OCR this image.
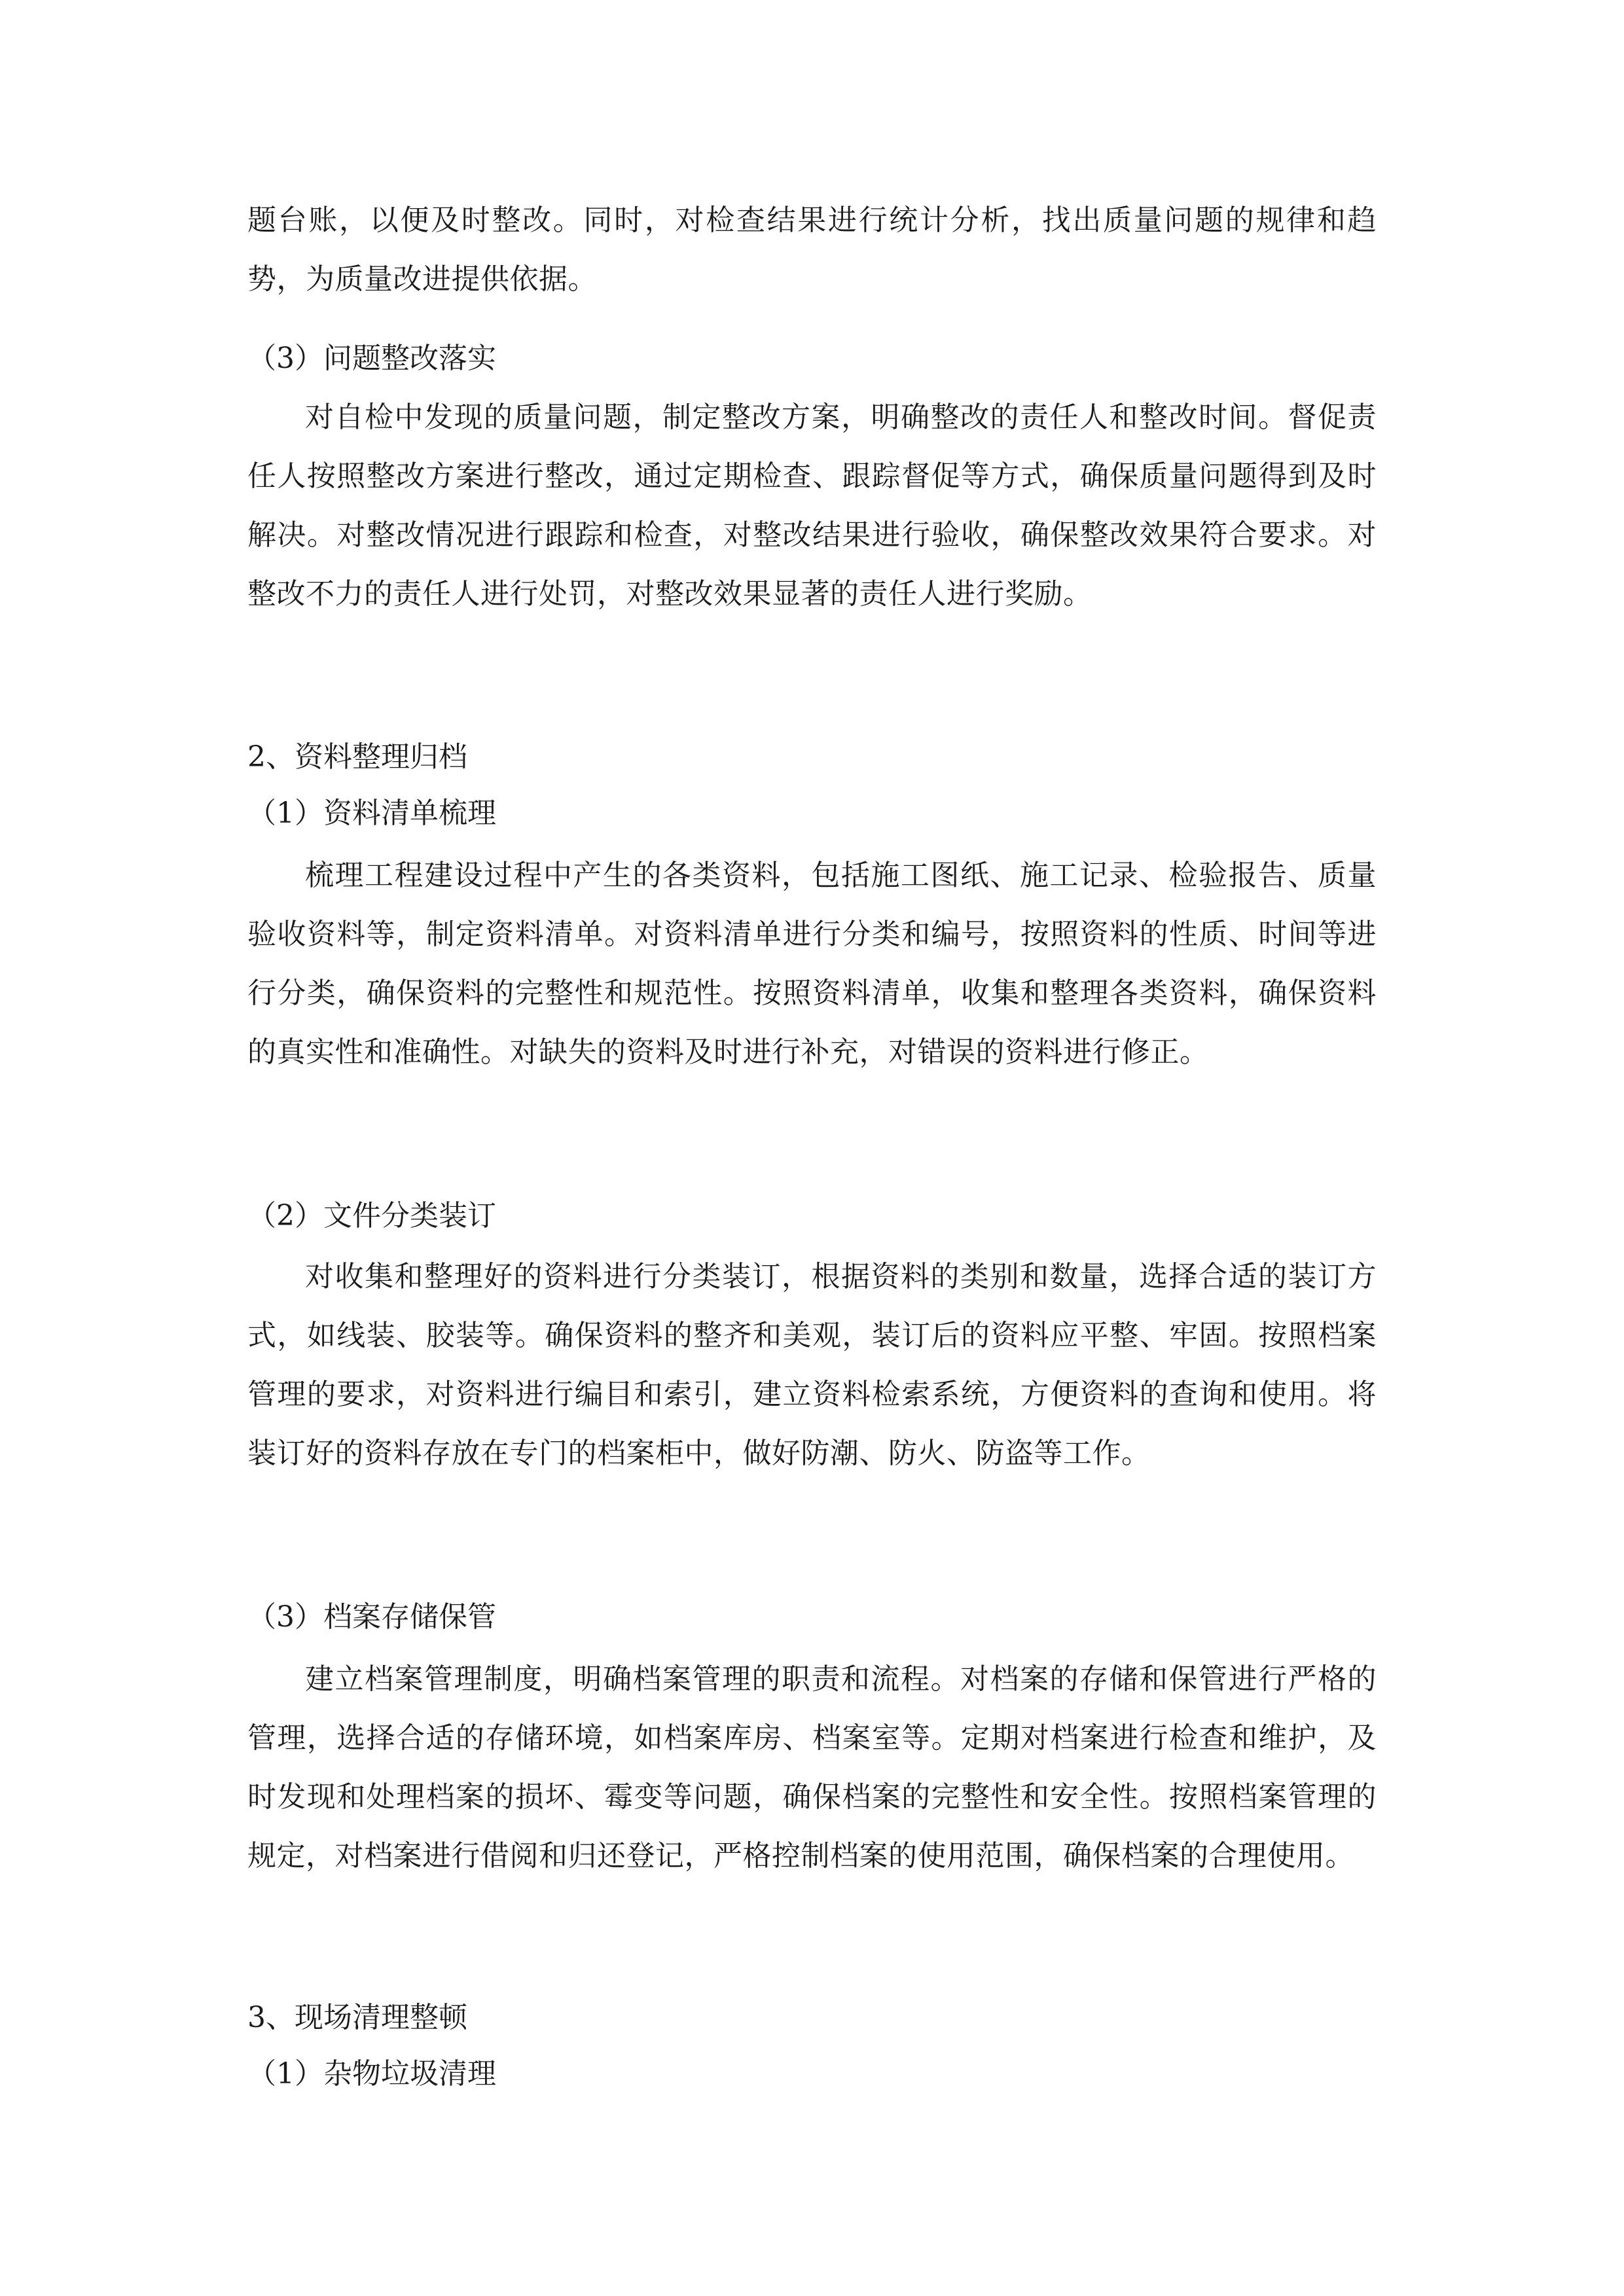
题台账，以便及时整改。同时，对检查结果进行统计分析，找出质量问题的规律和趋势，为质量改进提供依据。

（3）问题整改落实

对自检中发现的质量问题，制定整改方案，明确整改的责任人和整改时间。督促责任人按照整改方案进行整改，通过定期检查、跟踪督促等方式，确保质量问题得到及时解决。对整改情况进行跟踪和检查，对整改结果进行验收，确保整改效果符合要求。对整改不力的责任人进行处罚，对整改效果显著的责任人进行奖励。

2、资料整理归档

（1）资料清单梳理

梳理工程建设过程中产生的各类资料，包括施工图纸、施工记录、检验报告、质量验收资料等，制定资料清单。对资料清单进行分类和编号，按照资料的性质、时间等进行分类，确保资料的完整性和规范性。按照资料清单，收集和整理各类资料，确保资料的真实性和准确性。对缺失的资料及时进行补充，对错误的资料进行修正。

（2）文件分类装订

对收集和整理好的资料进行分类装订，根据资料的类别和数量，选择合适的装订方式，如线装、胶装等。确保资料的整齐和美观，装订后的资料应平整、牢固。按照档案管理的要求，对资料进行编目和索引，建立资料检索系统，方便资料的查询和使用。将装订好的资料存放在专门的档案柜中，做好防潮、防火、防盗等工作。

（3）档案存储保管

建立档案管理制度，明确档案管理的职责和流程。对档案的存储和保管进行严格的管理，选择合适的存储环境，如档案库房、档案室等。定期对档案进行检查和维护，及时发现和处理档案的损坏、霉变等问题，确保档案的完整性和安全性。按照档案管理的规定，对档案进行借阅和归还登记，严格控制档案的使用范围，确保档案的合理使用。

3、现场清理整顿

（1）杂物垃圾清理
